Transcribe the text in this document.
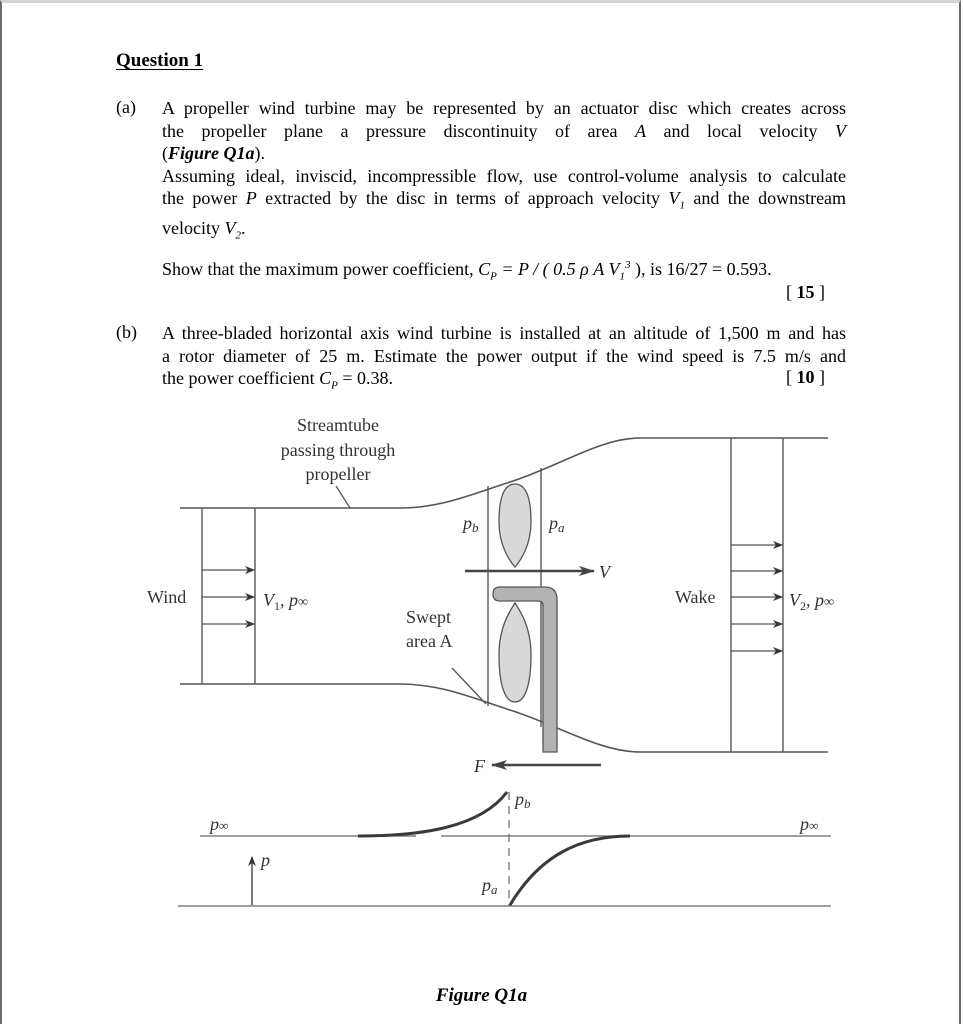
Question 1
(a) A propeller wind turbine may be represented by an actuator disc which creates across
the propeller plane a pressure discontinuity of area A and local velocity V
(Figure Q1a).
Assuming ideal, inviscid, incompressible flow, use control-volume analysis to calculate
the power P extracted by the disc in terms of approach velocity $V_1$ and the downstream
velocity $V_2$.
Show that the maximum power coefficient, $C_P = P$ / ( 0.5 ρ A $V_1^3$ ), is 16/27 = 0.593.
[ 15 ]
(b) A three-bladed horizontal axis wind turbine is installed at an altitude of 1,500 m and has
a rotor diameter of 25 m. Estimate the power output if the wind speed is 7.5 m/s and
the power coefficient $C_P = 0.38$.	[ 10 ]
Streamtube
passing through
propeller
Wind	$V_1$, p∞
pb	pa
V
Swept
area A
Wake	$V_2$, p∞
F
pb
p∞	p∞
p
pa
Figure Q1a
